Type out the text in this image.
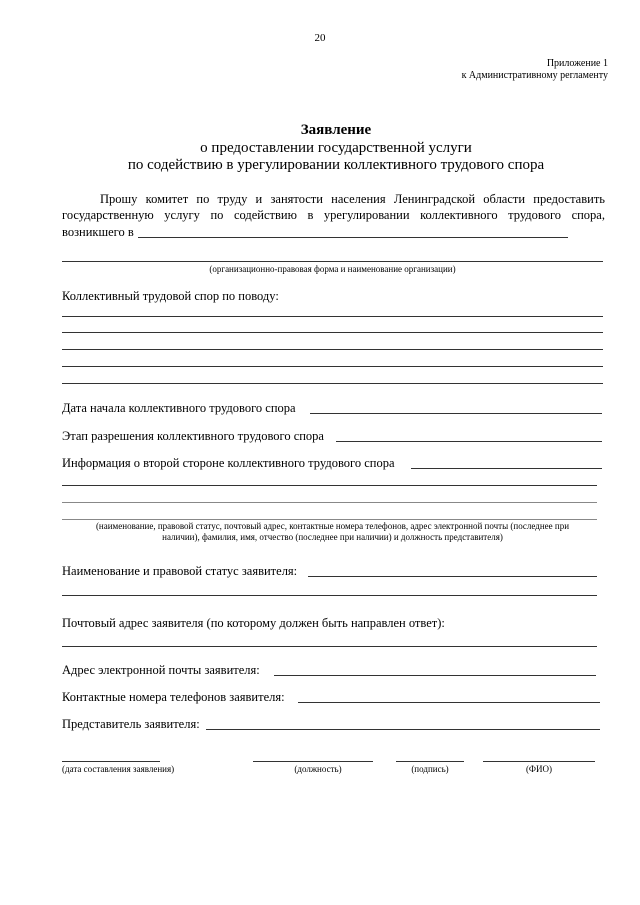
20
Приложение 1
к Административному регламенту
Заявление
о предоставлении государственной услуги
по содействию в урегулировании коллективного трудового спора
Прошу комитет по труду и занятости населения Ленинградской области предоставить
государственную услугу по содействию в урегулировании коллективного трудового спора,
возникшего в
(организационно-правовая форма и наименование организации)
Коллективный трудовой спор по поводу:
Дата начала коллективного трудового спора
Этап разрешения коллективного трудового спора
Информация о второй стороне коллективного трудового спора
(наименование, правовой статус, почтовый адрес, контактные номера телефонов, адрес электронной почты (последнее при
наличии), фамилия, имя, отчество (последнее при наличии) и должность представителя)
Наименование и правовой статус заявителя:
Почтовый адрес заявителя (по которому должен быть направлен ответ):
Адрес электронной почты заявителя:
Контактные номера телефонов заявителя:
Представитель заявителя:
(дата составления заявления)	(должность)	(подпись)	(ФИО)
